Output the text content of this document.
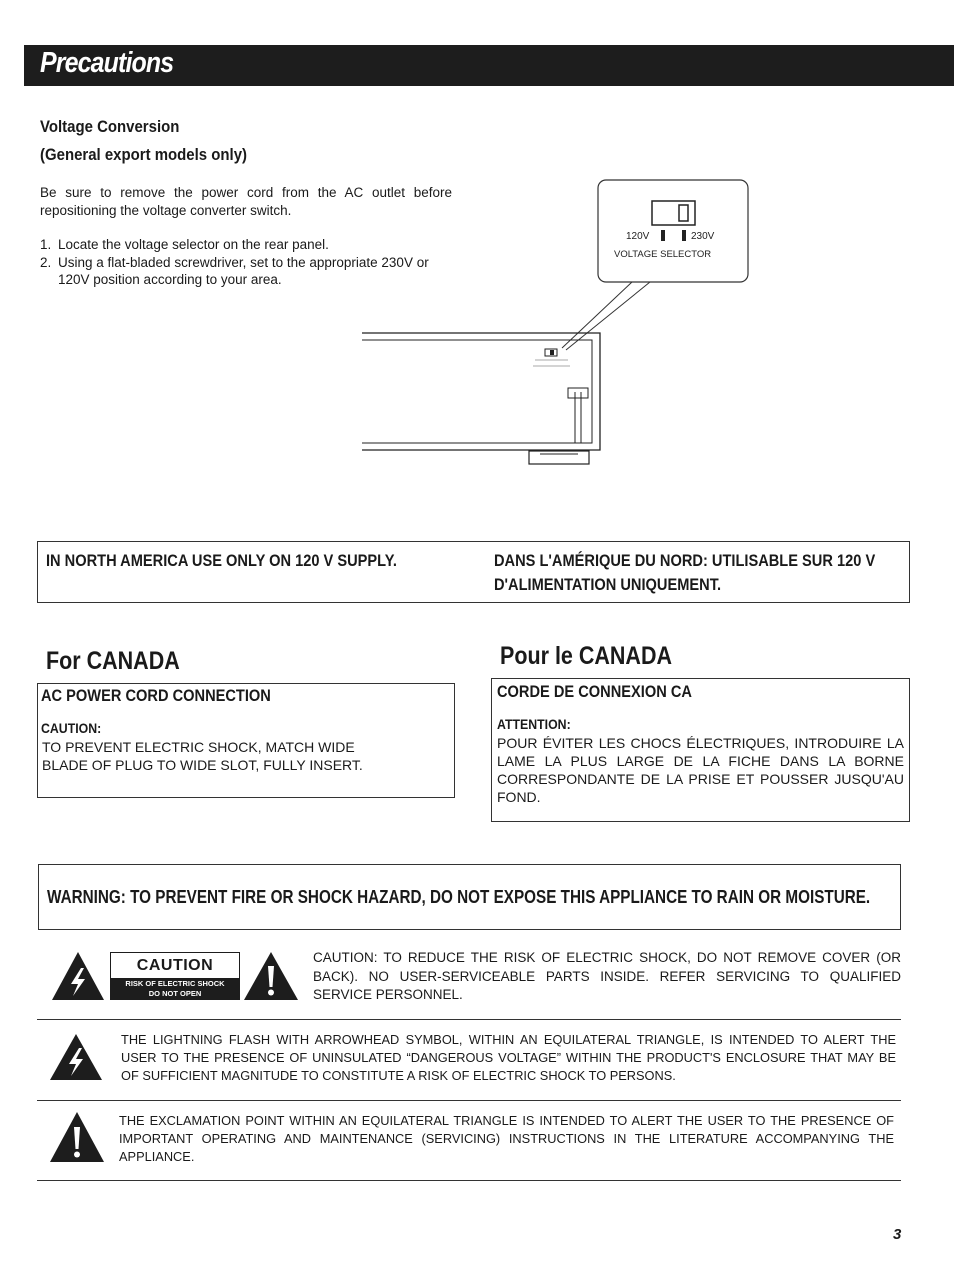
Precautions
Voltage Conversion
(General export models only)
Be sure to remove the power cord from the AC outlet before repositioning the voltage converter switch.
1. Locate the voltage selector on the rear panel.
2. Using a flat-bladed screwdriver, set to the appropriate 230V or 120V position according to your area.
120V	230V
VOLTAGE SELECTOR
IN NORTH AMERICA USE ONLY ON 120 V SUPPLY.	DANS L'AMÉRIQUE DU NORD: UTILISABLE SUR 120 V
D'ALIMENTATION UNIQUEMENT.
For CANADA
AC POWER CORD CONNECTION
CAUTION:
TO PREVENT ELECTRIC SHOCK, MATCH WIDE
BLADE OF PLUG TO WIDE SLOT, FULLY INSERT.
Pour le CANADA
CORDE DE CONNEXION CA
ATTENTION:
POUR ÉVITER LES CHOCS ÉLECTRIQUES, INTRODUIRE LA LAME LA PLUS LARGE DE LA FICHE DANS LA BORNE CORRESPONDANTE DE LA PRISE ET POUSSER JUSQU'AU FOND.
WARNING: TO PREVENT FIRE OR SHOCK HAZARD, DO NOT EXPOSE THIS APPLIANCE TO RAIN OR MOISTURE.
CAUTION
RISK OF ELECTRIC SHOCK
DO NOT OPEN
CAUTION: TO REDUCE THE RISK OF ELECTRIC SHOCK, DO NOT REMOVE COVER (OR BACK). NO USER-SERVICEABLE PARTS INSIDE. REFER SERVICING TO QUALIFIED SERVICE PERSONNEL.
THE LIGHTNING FLASH WITH ARROWHEAD SYMBOL, WITHIN AN EQUILATERAL TRIANGLE, IS INTENDED TO ALERT THE USER TO THE PRESENCE OF UNINSULATED “DANGEROUS VOLTAGE” WITHIN THE PRODUCT'S ENCLOSURE THAT MAY BE OF SUFFICIENT MAGNITUDE TO CONSTITUTE A RISK OF ELECTRIC SHOCK TO PERSONS.
THE EXCLAMATION POINT WITHIN AN EQUILATERAL TRIANGLE IS INTENDED TO ALERT THE USER TO THE PRESENCE OF IMPORTANT OPERATING AND MAINTENANCE (SERVICING) INSTRUCTIONS IN THE LITERATURE ACCOMPANYING THE APPLIANCE.
3
